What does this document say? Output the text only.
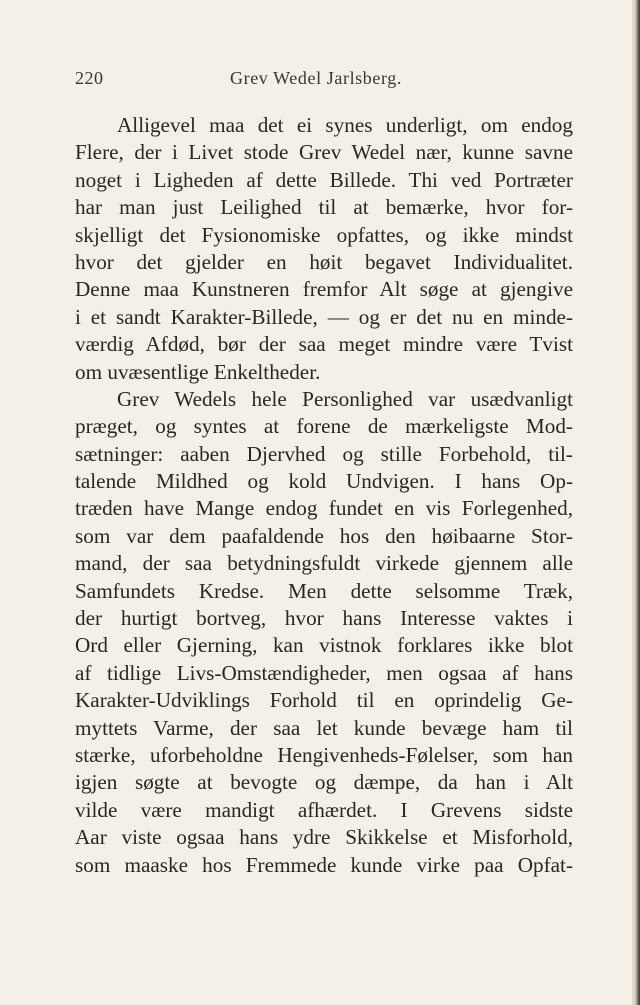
220	Grev Wedel Jarlsberg.
Alligevel maa det ei synes underligt, om endog
Flere, der i Livet stode Grev Wedel nær, kunne savne
noget i Ligheden af dette Billede. Thi ved Portræter
har man just Leilighed til at bemærke, hvor for-
skjelligt det Fysionomiske opfattes, og ikke mindst
hvor det gjelder en høit begavet Individualitet.
Denne maa Kunstneren fremfor Alt søge at gjengive
i et sandt Karakter-Billede, — og er det nu en minde-
værdig Afdød, bør der saa meget mindre være Tvist
om uvæsentlige Enkeltheder.
Grev Wedels hele Personlighed var usædvanligt
præget, og syntes at forene de mærkeligste Mod-
sætninger: aaben Djervhed og stille Forbehold, til-
talende Mildhed og kold Undvigen. I hans Op-
træden have Mange endog fundet en vis Forlegenhed,
som var dem paafaldende hos den høibaarne Stor-
mand, der saa betydningsfuldt virkede gjennem alle
Samfundets Kredse. Men dette selsomme Træk,
der hurtigt bortveg, hvor hans Interesse vaktes i
Ord eller Gjerning, kan vistnok forklares ikke blot
af tidlige Livs-Omstændigheder, men ogsaa af hans
Karakter-Udviklings Forhold til en oprindelig Ge-
myttets Varme, der saa let kunde bevæge ham til
stærke, uforbeholdne Hengivenheds-Følelser, som han
igjen søgte at bevogte og dæmpe, da han i Alt
vilde være mandigt afhærdet. I Grevens sidste
Aar viste ogsaa hans ydre Skikkelse et Misforhold,
som maaske hos Fremmede kunde virke paa Opfat-
